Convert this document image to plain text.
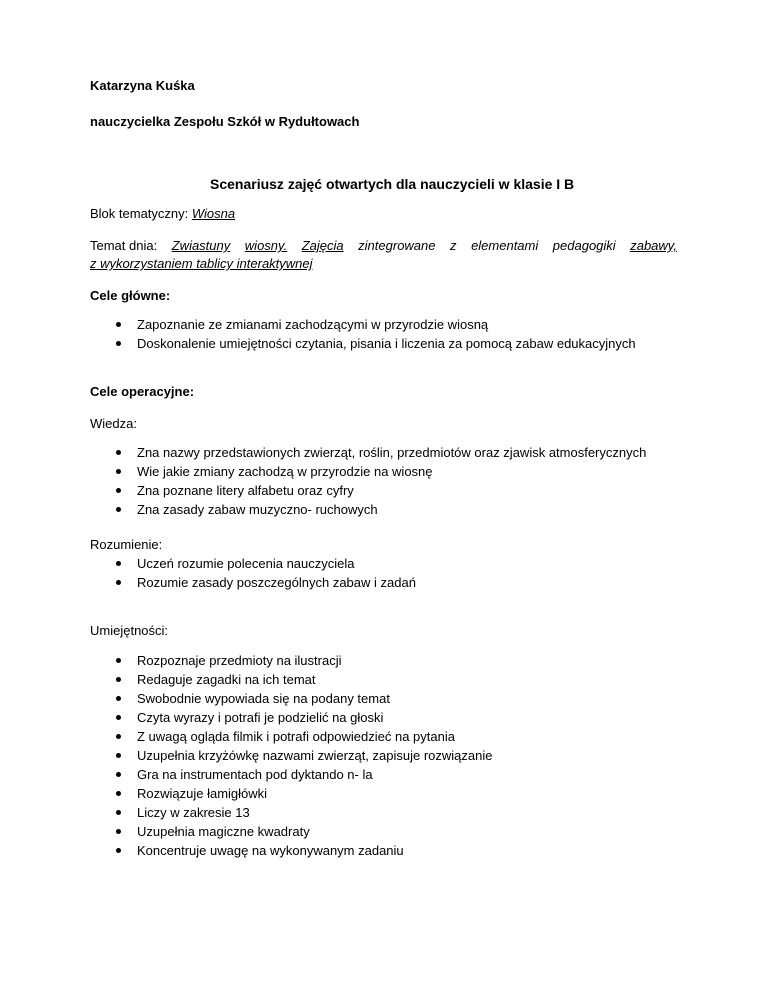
Katarzyna Kuśka
nauczycielka Zespołu Szkół w Rydułtowach
Scenariusz zajęć otwartych dla nauczycieli w klasie I B
Blok tematyczny: Wiosna
Temat dnia: Zwiastuny wiosny. Zajęcia zintegrowane z elementami pedagogiki zabawy,
z wykorzystaniem tablicy interaktywnej
Cele główne:
Zapoznanie ze zmianami zachodzącymi w przyrodzie wiosną
Doskonalenie umiejętności czytania, pisania i liczenia za pomocą zabaw edukacyjnych
Cele operacyjne:
Wiedza:
Zna nazwy przedstawionych zwierząt, roślin, przedmiotów oraz zjawisk atmosferycznych
Wie jakie zmiany zachodzą w przyrodzie na wiosnę
Zna poznane litery alfabetu oraz cyfry
Zna zasady zabaw muzyczno- ruchowych
Rozumienie:
Uczeń rozumie polecenia nauczyciela
Rozumie zasady poszczególnych zabaw i zadań
Umiejętności:
Rozpoznaje przedmioty na ilustracji
Redaguje zagadki na ich temat
Swobodnie wypowiada się na podany temat
Czyta wyrazy i potrafi je podzielić na głoski
Z uwagą ogląda filmik i potrafi odpowiedzieć na pytania
Uzupełnia krzyżówkę nazwami zwierząt, zapisuje rozwiązanie
Gra na instrumentach pod dyktando n- la
Rozwiązuje łamigłówki
Liczy w zakresie 13
Uzupełnia magiczne kwadraty
Koncentruje uwagę na wykonywanym zadaniu
